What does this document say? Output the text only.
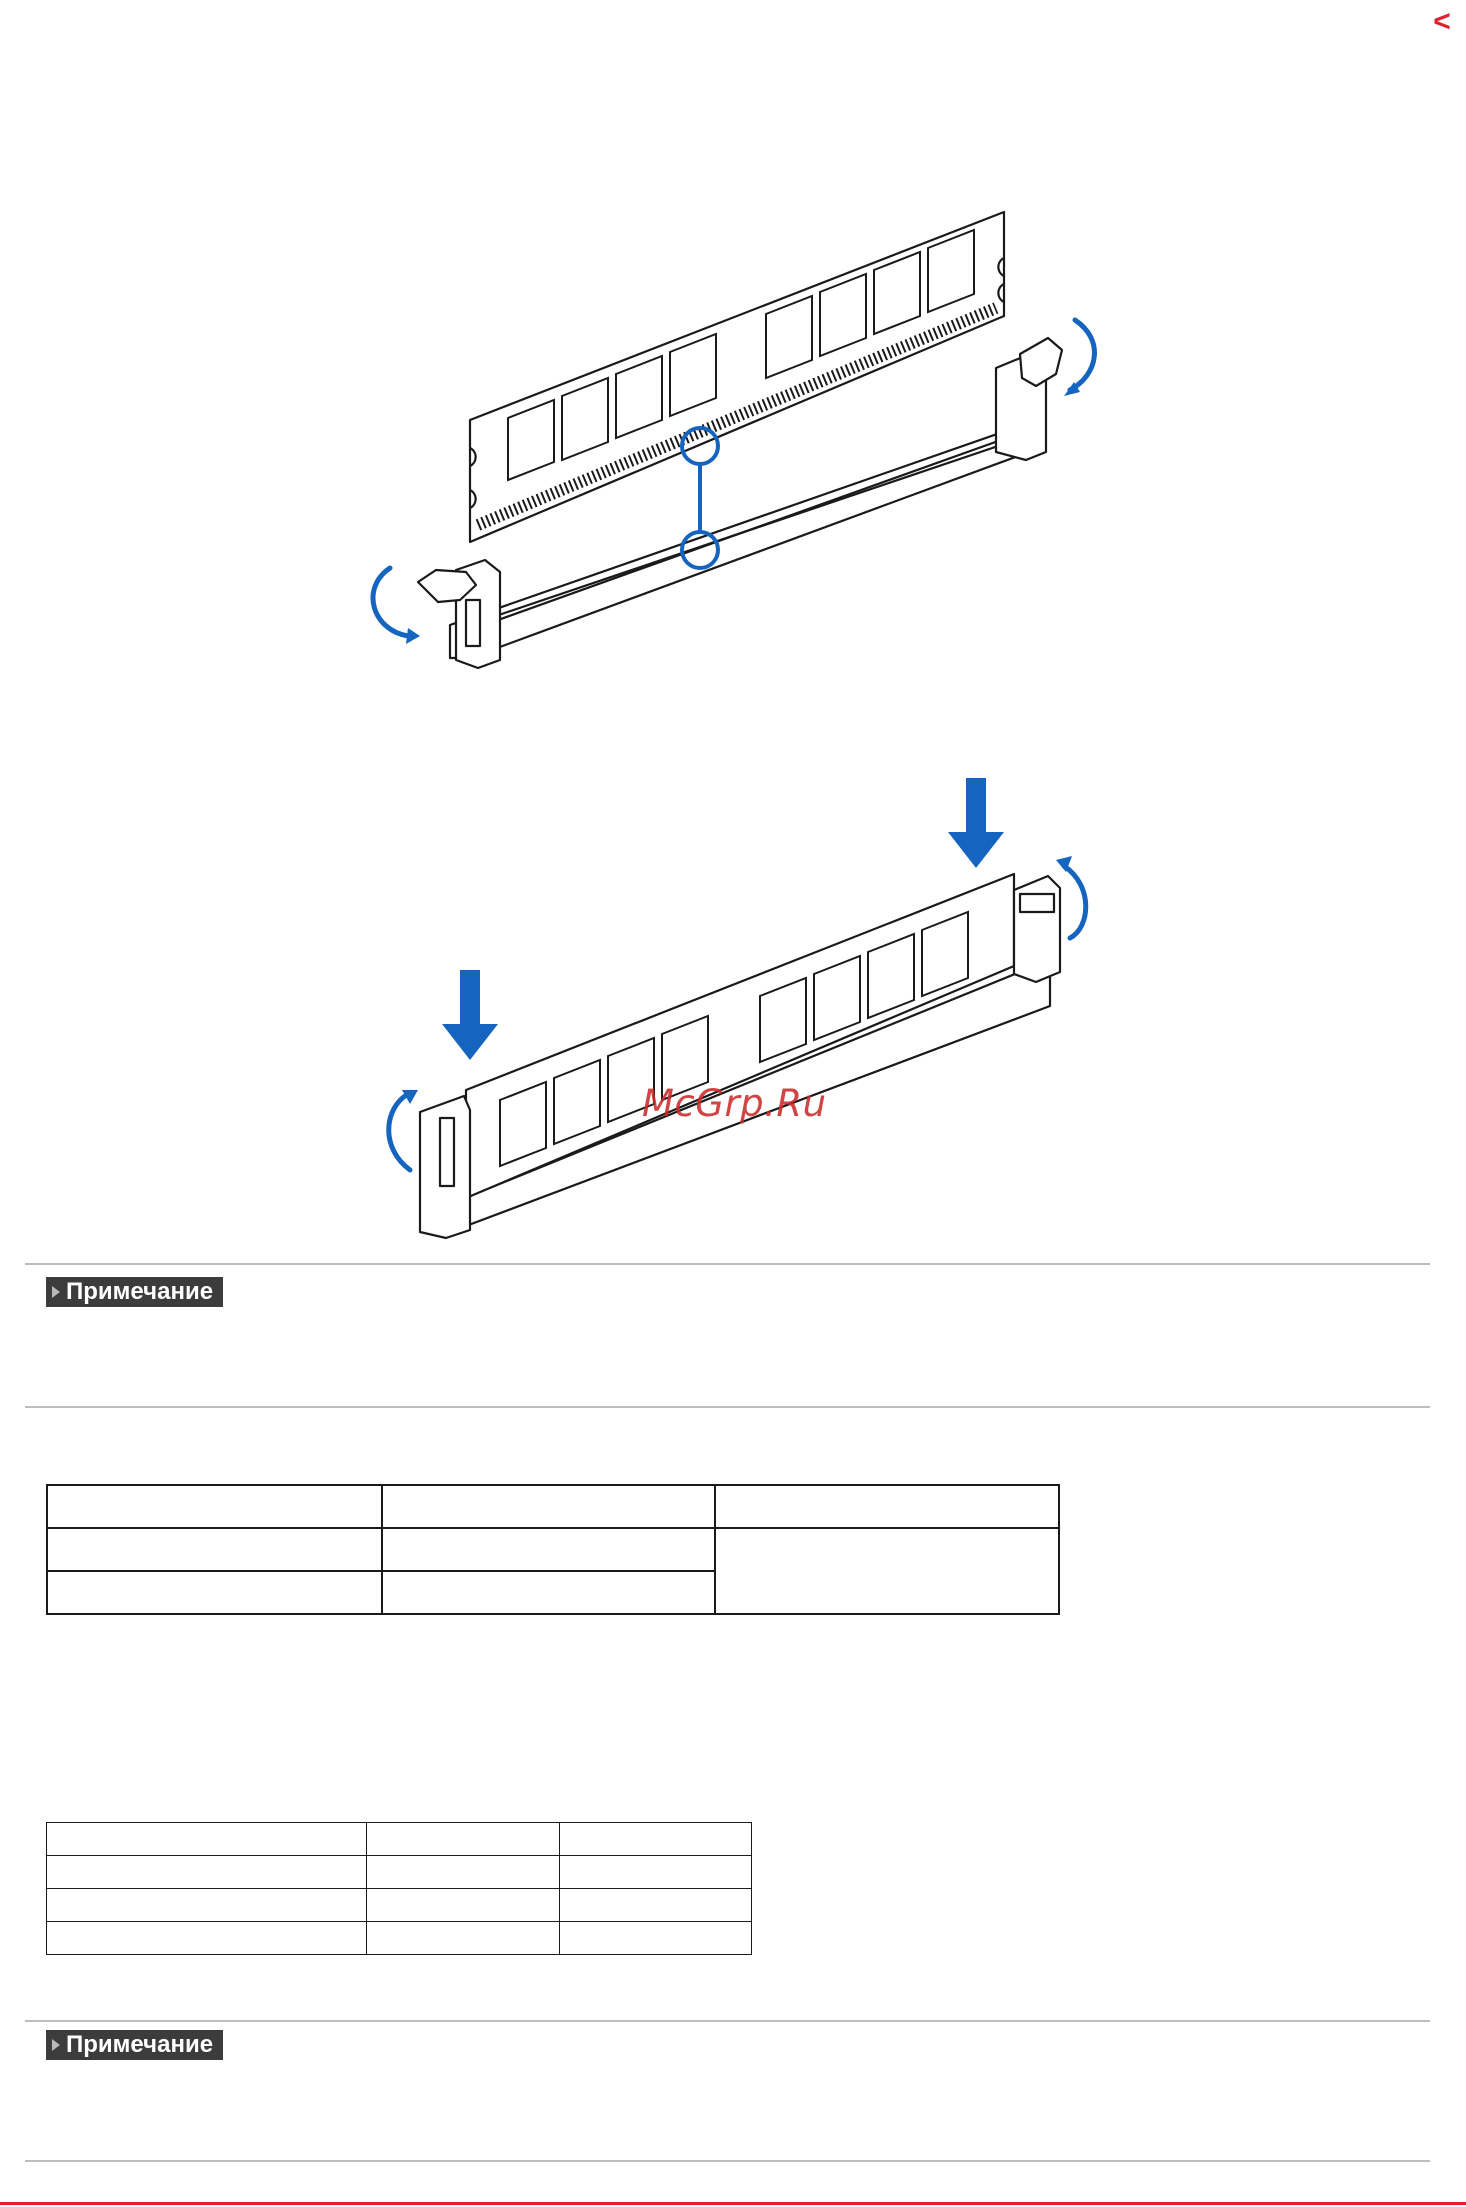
<
McGrp.Ru
Примечание

Примечание
